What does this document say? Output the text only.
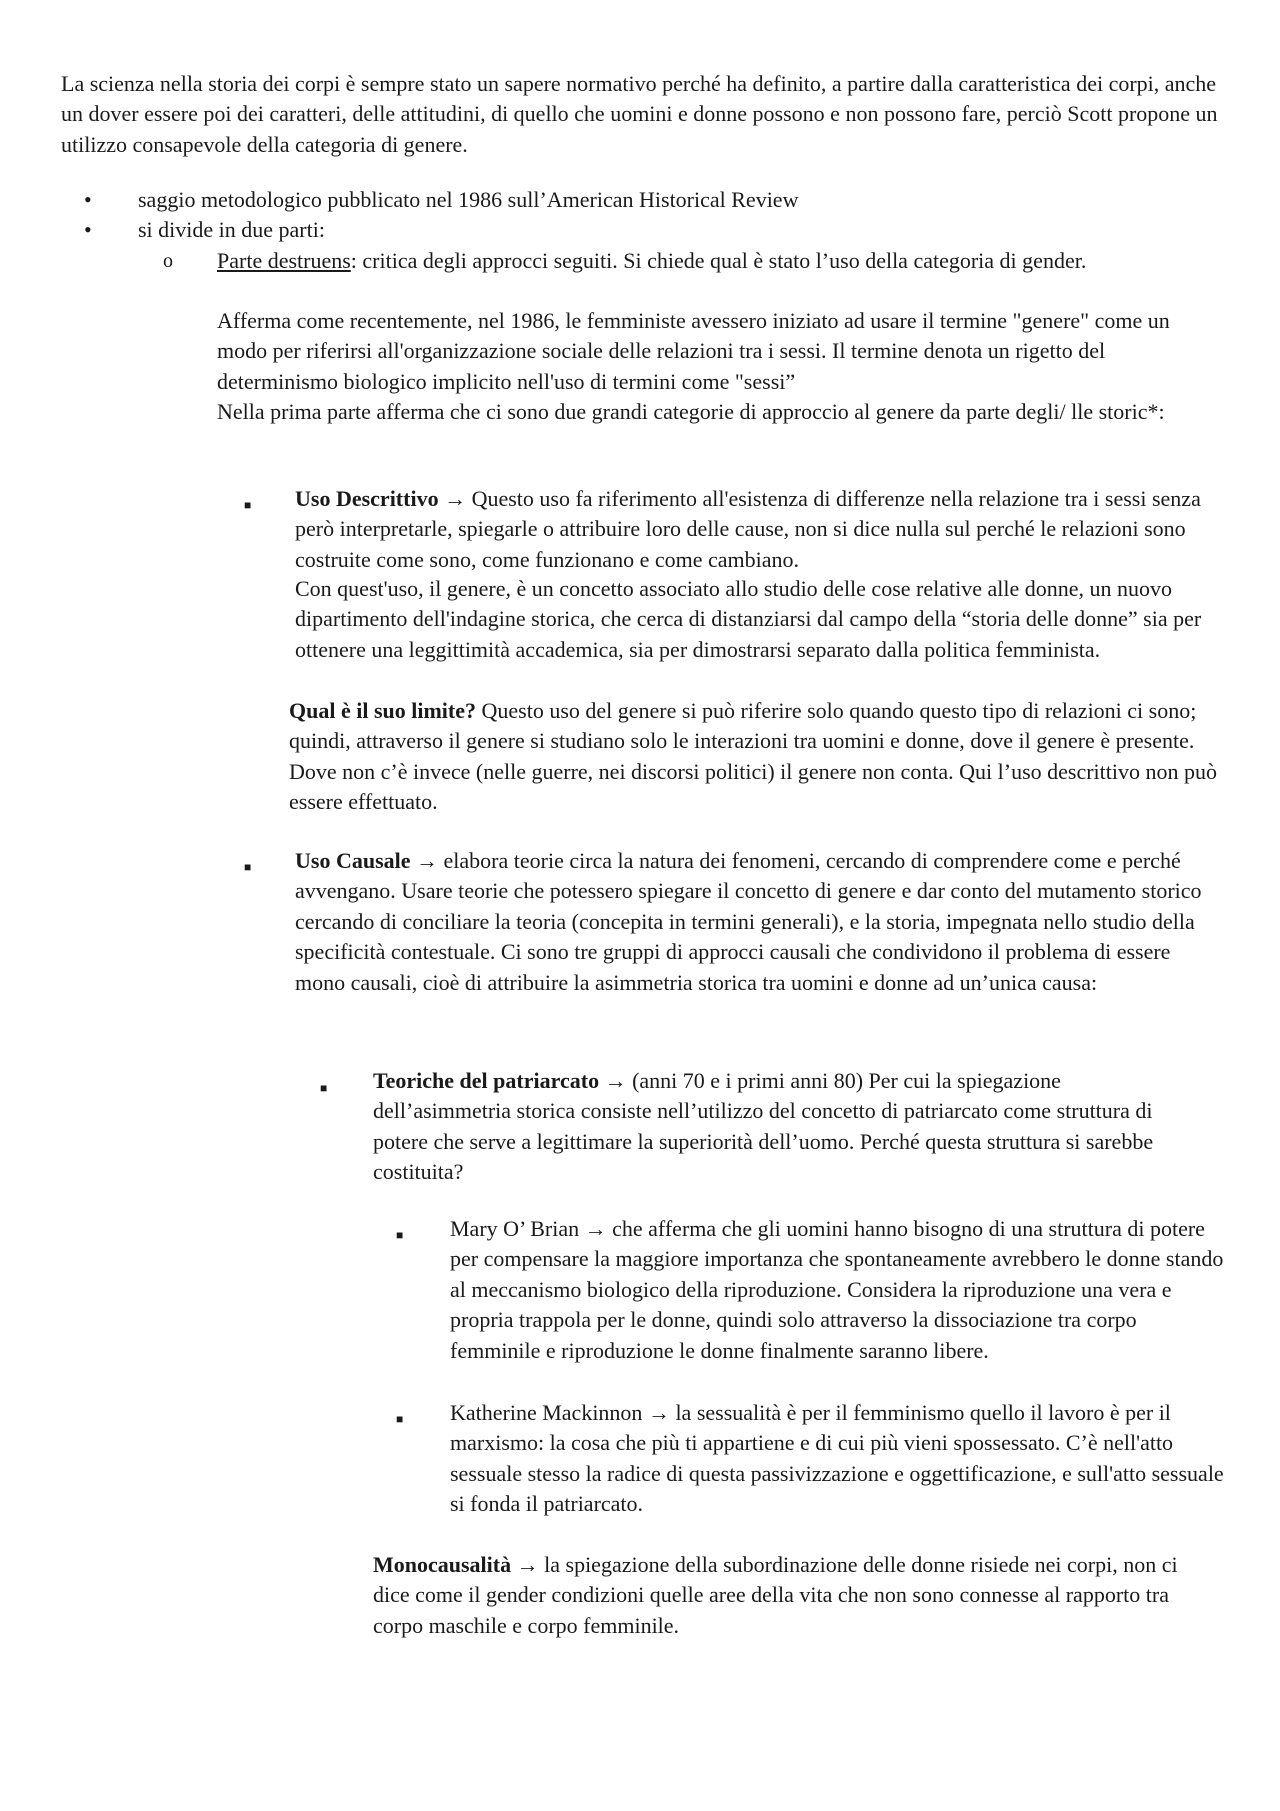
La scienza nella storia dei corpi è sempre stato un sapere normativo perché ha definito, a partire dalla caratteristica dei corpi, anche un dover essere poi dei caratteri, delle attitudini, di quello che uomini e donne possono e non possono fare, perciò Scott propone un utilizzo consapevole della categoria di genere.

• saggio metodologico pubblicato nel 1986 sull’American Historical Review

• si divide in due parti:

o Parte destruens: critica degli approcci seguiti. Si chiede qual è stato l’uso della categoria di gender.

Afferma come recentemente, nel 1986, le femministe avessero iniziato ad usare il termine "genere" come un modo per riferirsi all'organizzazione sociale delle relazioni tra i sessi. Il termine denota un rigetto del determinismo biologico implicito nell'uso di termini come "sessi”

Nella prima parte afferma che ci sono due grandi categorie di approccio al genere da parte degli/ lle storic*:

■ Uso Descrittivo → Questo uso fa riferimento all'esistenza di differenze nella relazione tra i sessi senza però interpretarle, spiegarle o attribuire loro delle cause, non si dice nulla sul perché le relazioni sono costruite come sono, come funzionano e come cambiano.

Con quest'uso, il genere, è un concetto associato allo studio delle cose relative alle donne, un nuovo dipartimento dell'indagine storica, che cerca di distanziarsi dal campo della “storia delle donne” sia per ottenere una leggittimità accademica, sia per dimostrarsi separato dalla politica femminista.

Qual è il suo limite? Questo uso del genere si può riferire solo quando questo tipo di relazioni ci sono; quindi, attraverso il genere si studiano solo le interazioni tra uomini e donne, dove il genere è presente. Dove non c’è invece (nelle guerre, nei discorsi politici) il genere non conta. Qui l’uso descrittivo non può essere effettuato.

■ Uso Causale → elabora teorie circa la natura dei fenomeni, cercando di comprendere come e perché avvengano. Usare teorie che potessero spiegare il concetto di genere e dar conto del mutamento storico cercando di conciliare la teoria (concepita in termini generali), e la storia, impegnata nello studio della specificità contestuale. Ci sono tre gruppi di approcci causali che condividono il problema di essere mono causali, cioè di attribuire la asimmetria storica tra uomini e donne ad un’unica causa:

■ Teoriche del patriarcato → (anni 70 e i primi anni 80) Per cui la spiegazione dell’asimmetria storica consiste nell’utilizzo del concetto di patriarcato come struttura di potere che serve a legittimare la superiorità dell’uomo. Perché questa struttura si sarebbe costituita?

■ Mary O’ Brian → che afferma che gli uomini hanno bisogno di una struttura di potere per compensare la maggiore importanza che spontaneamente avrebbero le donne stando al meccanismo biologico della riproduzione. Considera la riproduzione una vera e propria trappola per le donne, quindi solo attraverso la dissociazione tra corpo femminile e riproduzione le donne finalmente saranno libere.

■ Katherine Mackinnon → la sessualità è per il femminismo quello il lavoro è per il marxismo: la cosa che più ti appartiene e di cui più vieni spossessato. C’è nell'atto sessuale stesso la radice di questa passivizzazione e oggettificazione, e sull'atto sessuale si fonda il patriarcato.

Monocausalità → la spiegazione della subordinazione delle donne risiede nei corpi, non ci dice come il gender condizioni quelle aree della vita che non sono connesse al rapporto tra corpo maschile e corpo femminile.
